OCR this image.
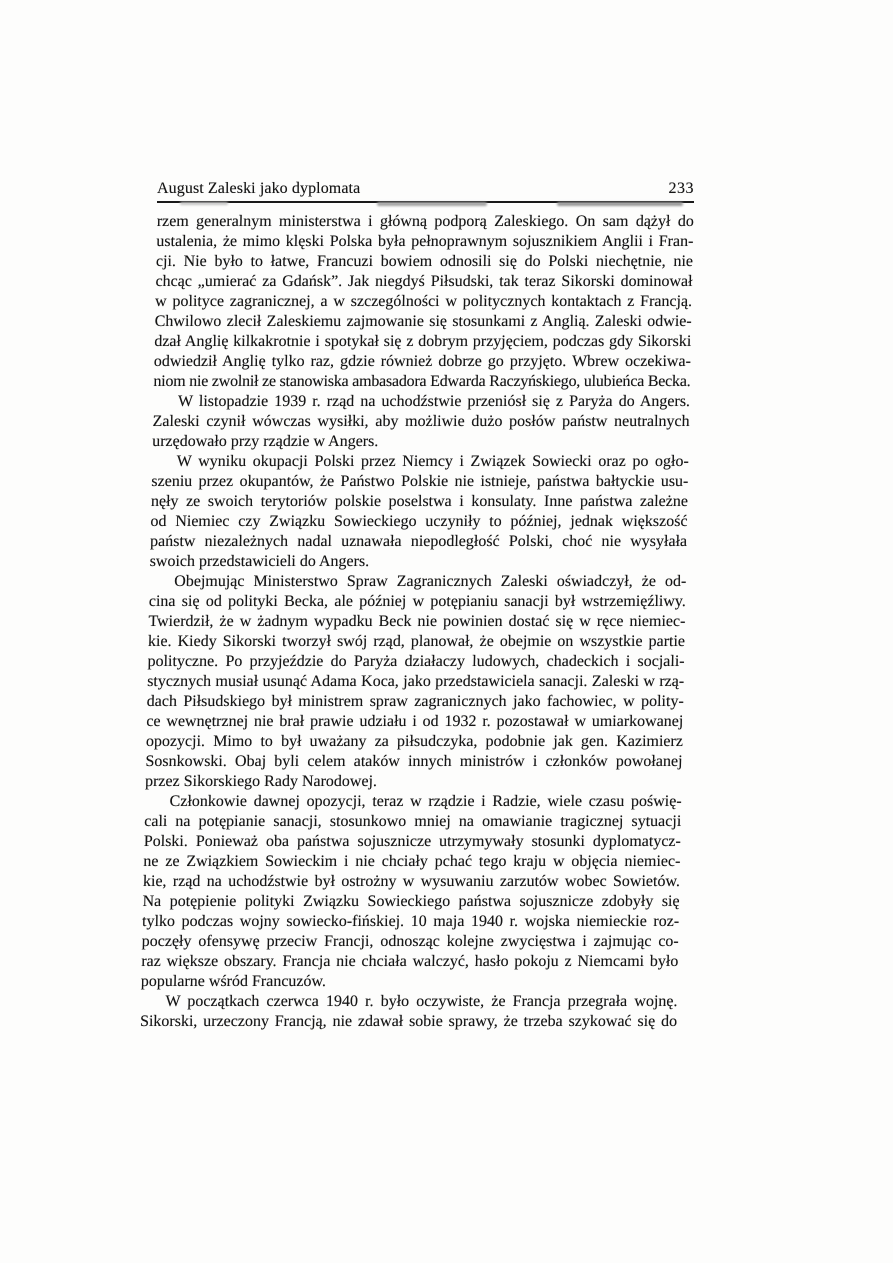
August Zaleski jako dyplomata	233
rzem generalnym ministerstwa i główną podporą Zaleskiego. On sam dążył do
ustalenia, że mimo klęski Polska była pełnoprawnym sojusznikiem Anglii i Fran-
cji. Nie było to łatwe, Francuzi bowiem odnosili się do Polski niechętnie, nie
chcąc „umierać za Gdańsk”. Jak niegdyś Piłsudski, tak teraz Sikorski dominował
w polityce zagranicznej, a w szczególności w politycznych kontaktach z Francją.
Chwilowo zlecił Zaleskiemu zajmowanie się stosunkami z Anglią. Zaleski odwie-
dzał Anglię kilkakrotnie i spotykał się z dobrym przyjęciem, podczas gdy Sikorski
odwiedził Anglię tylko raz, gdzie również dobrze go przyjęto. Wbrew oczekiwa-
niom nie zwolnił ze stanowiska ambasadora Edwarda Raczyńskiego, ulubieńca Becka.
W listopadzie 1939 r. rząd na uchodźstwie przeniósł się z Paryża do Angers.
Zaleski czynił wówczas wysiłki, aby możliwie dużo posłów państw neutralnych
urzędowało przy rządzie w Angers.
W wyniku okupacji Polski przez Niemcy i Związek Sowiecki oraz po ogło-
szeniu przez okupantów, że Państwo Polskie nie istnieje, państwa bałtyckie usu-
nęły ze swoich terytoriów polskie poselstwa i konsulaty. Inne państwa zależne
od Niemiec czy Związku Sowieckiego uczyniły to później, jednak większość
państw niezależnych nadal uznawała niepodległość Polski, choć nie wysyłała
swoich przedstawicieli do Angers.
Obejmując Ministerstwo Spraw Zagranicznych Zaleski oświadczył, że od-
cina się od polityki Becka, ale później w potępianiu sanacji był wstrzemięźliwy.
Twierdził, że w żadnym wypadku Beck nie powinien dostać się w ręce niemiec-
kie. Kiedy Sikorski tworzył swój rząd, planował, że obejmie on wszystkie partie
polityczne. Po przyjeździe do Paryża działaczy ludowych, chadeckich i socjali-
stycznych musiał usunąć Adama Koca, jako przedstawiciela sanacji. Zaleski w rzą-
dach Piłsudskiego był ministrem spraw zagranicznych jako fachowiec, w polity-
ce wewnętrznej nie brał prawie udziału i od 1932 r. pozostawał w umiarkowanej
opozycji. Mimo to był uważany za piłsudczyka, podobnie jak gen. Kazimierz
Sosnkowski. Obaj byli celem ataków innych ministrów i członków powołanej
przez Sikorskiego Rady Narodowej.
Członkowie dawnej opozycji, teraz w rządzie i Radzie, wiele czasu poświę-
cali na potępianie sanacji, stosunkowo mniej na omawianie tragicznej sytuacji
Polski. Ponieważ oba państwa sojusznicze utrzymywały stosunki dyplomatycz-
ne ze Związkiem Sowieckim i nie chciały pchać tego kraju w objęcia niemiec-
kie, rząd na uchodźstwie był ostrożny w wysuwaniu zarzutów wobec Sowietów.
Na potępienie polityki Związku Sowieckiego państwa sojusznicze zdobyły się
tylko podczas wojny sowiecko-fińskiej. 10 maja 1940 r. wojska niemieckie roz-
poczęły ofensywę przeciw Francji, odnosząc kolejne zwycięstwa i zajmując co-
raz większe obszary. Francja nie chciała walczyć, hasło pokoju z Niemcami było
popularne wśród Francuzów.
W początkach czerwca 1940 r. było oczywiste, że Francja przegrała wojnę.
Sikorski, urzeczony Francją, nie zdawał sobie sprawy, że trzeba szykować się do
